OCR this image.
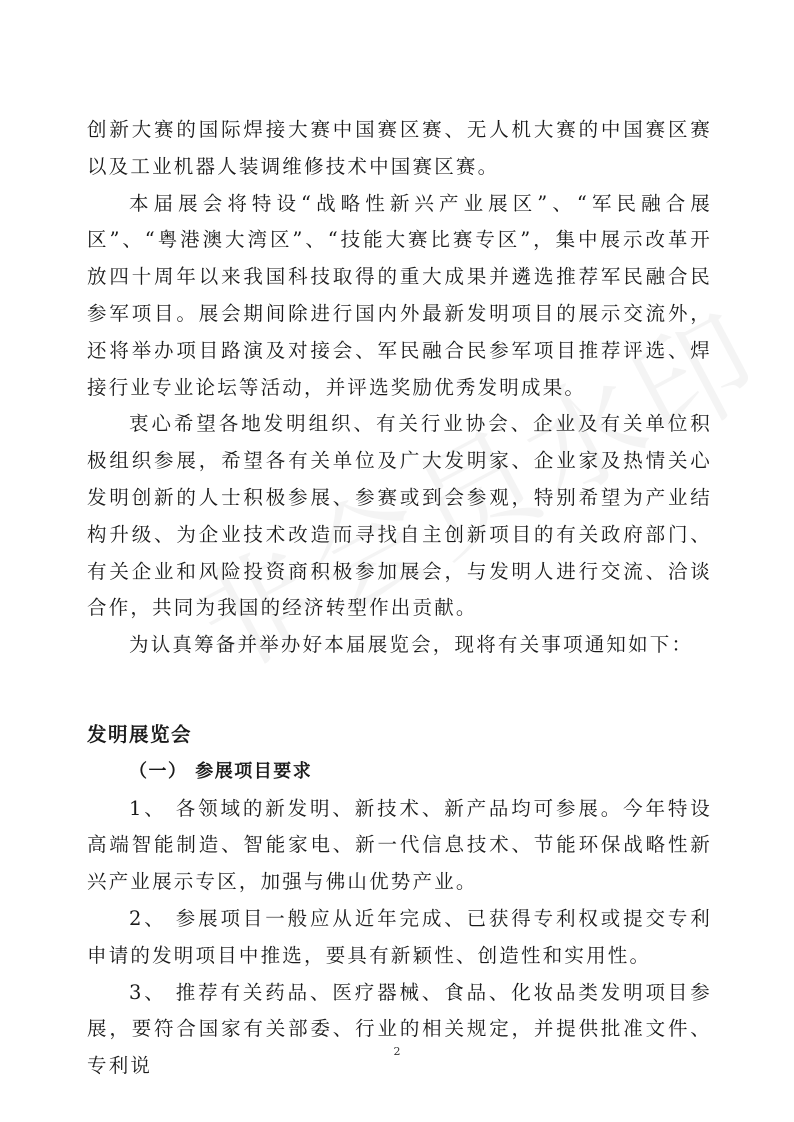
创新大赛的国际焊接大赛中国赛区赛、无人机大赛的中国赛区赛以及工业机器人装调维修技术中国赛区赛。

本届展会将特设“战略性新兴产业展区”、“军民融合展区”、“粤港澳大湾区”、“技能大赛比赛专区”，集中展示改革开放四十周年以来我国科技取得的重大成果并遴选推荐军民融合民参军项目。展会期间除进行国内外最新发明项目的展示交流外，还将举办项目路演及对接会、军民融合民参军项目推荐评选、焊接行业专业论坛等活动，并评选奖励优秀发明成果。

衷心希望各地发明组织、有关行业协会、企业及有关单位积极组织参展，希望各有关单位及广大发明家、企业家及热情关心发明创新的人士积极参展、参赛或到会参观，特别希望为产业结构升级、为企业技术改造而寻找自主创新项目的有关政府部门、有关企业和风险投资商积极参加展会，与发明人进行交流、洽谈合作，共同为我国的经济转型作出贡献。

为认真筹备并举办好本届展览会，现将有关事项通知如下：

发明展览会

（一） 参展项目要求

1、 各领域的新发明、新技术、新产品均可参展。今年特设高端智能制造、智能家电、新一代信息技术、节能环保战略性新兴产业展示专区，加强与佛山优势产业。

2、 参展项目一般应从近年完成、已获得专利权或提交专利申请的发明项目中推选，要具有新颖性、创造性和实用性。

3、 推荐有关药品、医疗器械、食品、化妆品类发明项目参展，要符合国家有关部委、行业的相关规定，并提供批准文件、专利说

2
